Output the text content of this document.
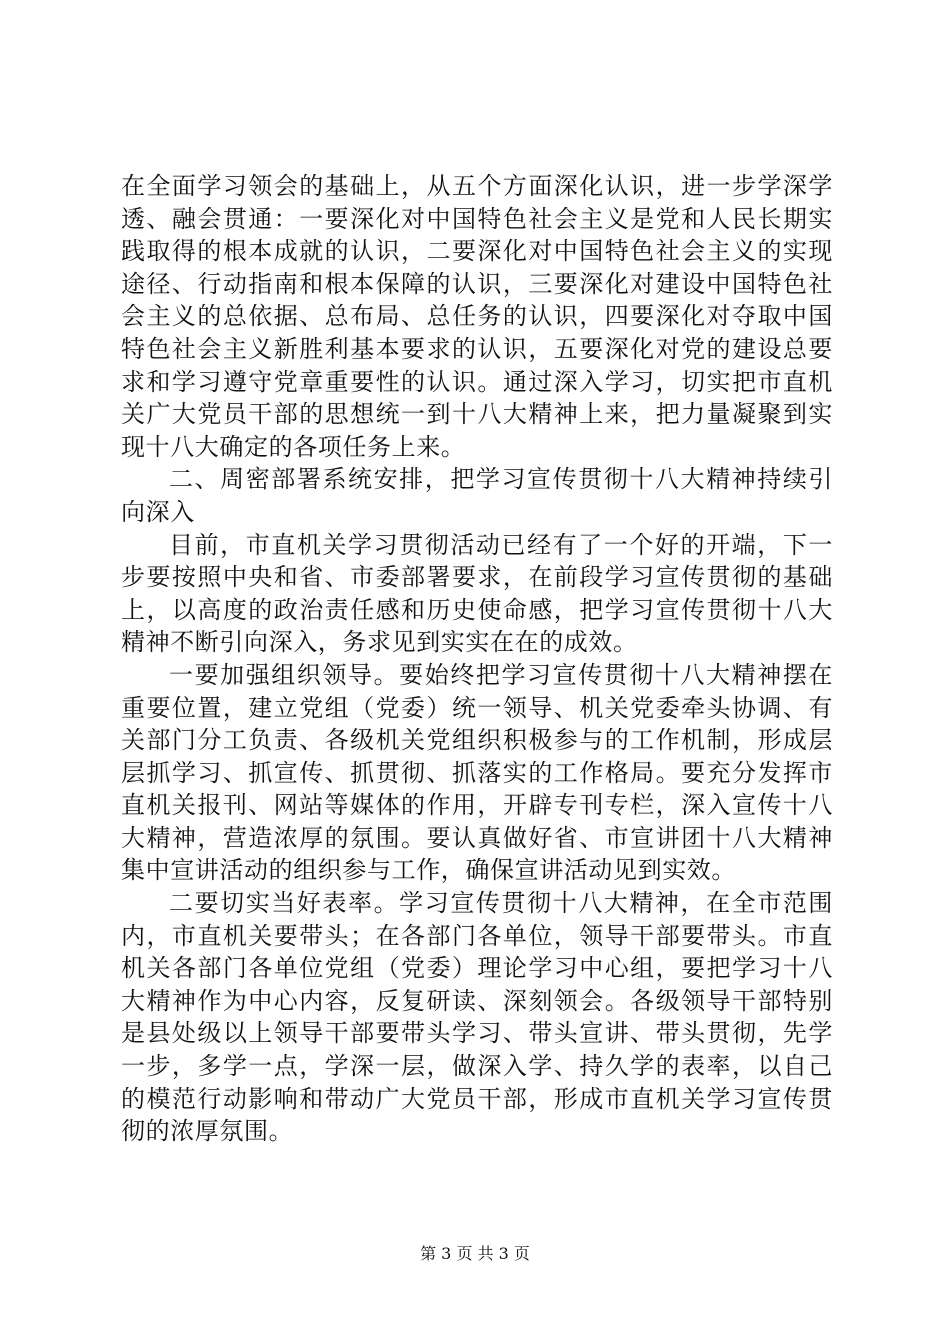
在全面学习领会的基础上，从五个方面深化认识，进一步学深学透、融会贯通：一要深化对中国特色社会主义是党和人民长期实践取得的根本成就的认识，二要深化对中国特色社会主义的实现途径、行动指南和根本保障的认识，三要深化对建设中国特色社会主义的总依据、总布局、总任务的认识，四要深化对夺取中国特色社会主义新胜利基本要求的认识，五要深化对党的建设总要求和学习遵守党章重要性的认识。通过深入学习，切实把市直机关广大党员干部的思想统一到十八大精神上来，把力量凝聚到实现十八大确定的各项任务上来。

二、周密部署系统安排，把学习宣传贯彻十八大精神持续引向深入

目前，市直机关学习贯彻活动已经有了一个好的开端，下一步要按照中央和省、市委部署要求，在前段学习宣传贯彻的基础上，以高度的政治责任感和历史使命感，把学习宣传贯彻十八大精神不断引向深入，务求见到实实在在的成效。

一要加强组织领导。要始终把学习宣传贯彻十八大精神摆在重要位置，建立党组（党委）统一领导、机关党委牵头协调、有关部门分工负责、各级机关党组织积极参与的工作机制，形成层层抓学习、抓宣传、抓贯彻、抓落实的工作格局。要充分发挥市直机关报刊、网站等媒体的作用，开辟专刊专栏，深入宣传十八大精神，营造浓厚的氛围。要认真做好省、市宣讲团十八大精神集中宣讲活动的组织参与工作，确保宣讲活动见到实效。

二要切实当好表率。学习宣传贯彻十八大精神，在全市范围内，市直机关要带头；在各部门各单位，领导干部要带头。市直机关各部门各单位党组（党委）理论学习中心组，要把学习十八大精神作为中心内容，反复研读、深刻领会。各级领导干部特别是县处级以上领导干部要带头学习、带头宣讲、带头贯彻，先学一步，多学一点，学深一层，做深入学、持久学的表率，以自己的模范行动影响和带动广大党员干部，形成市直机关学习宣传贯彻的浓厚氛围。

第 3 页 共 3 页
